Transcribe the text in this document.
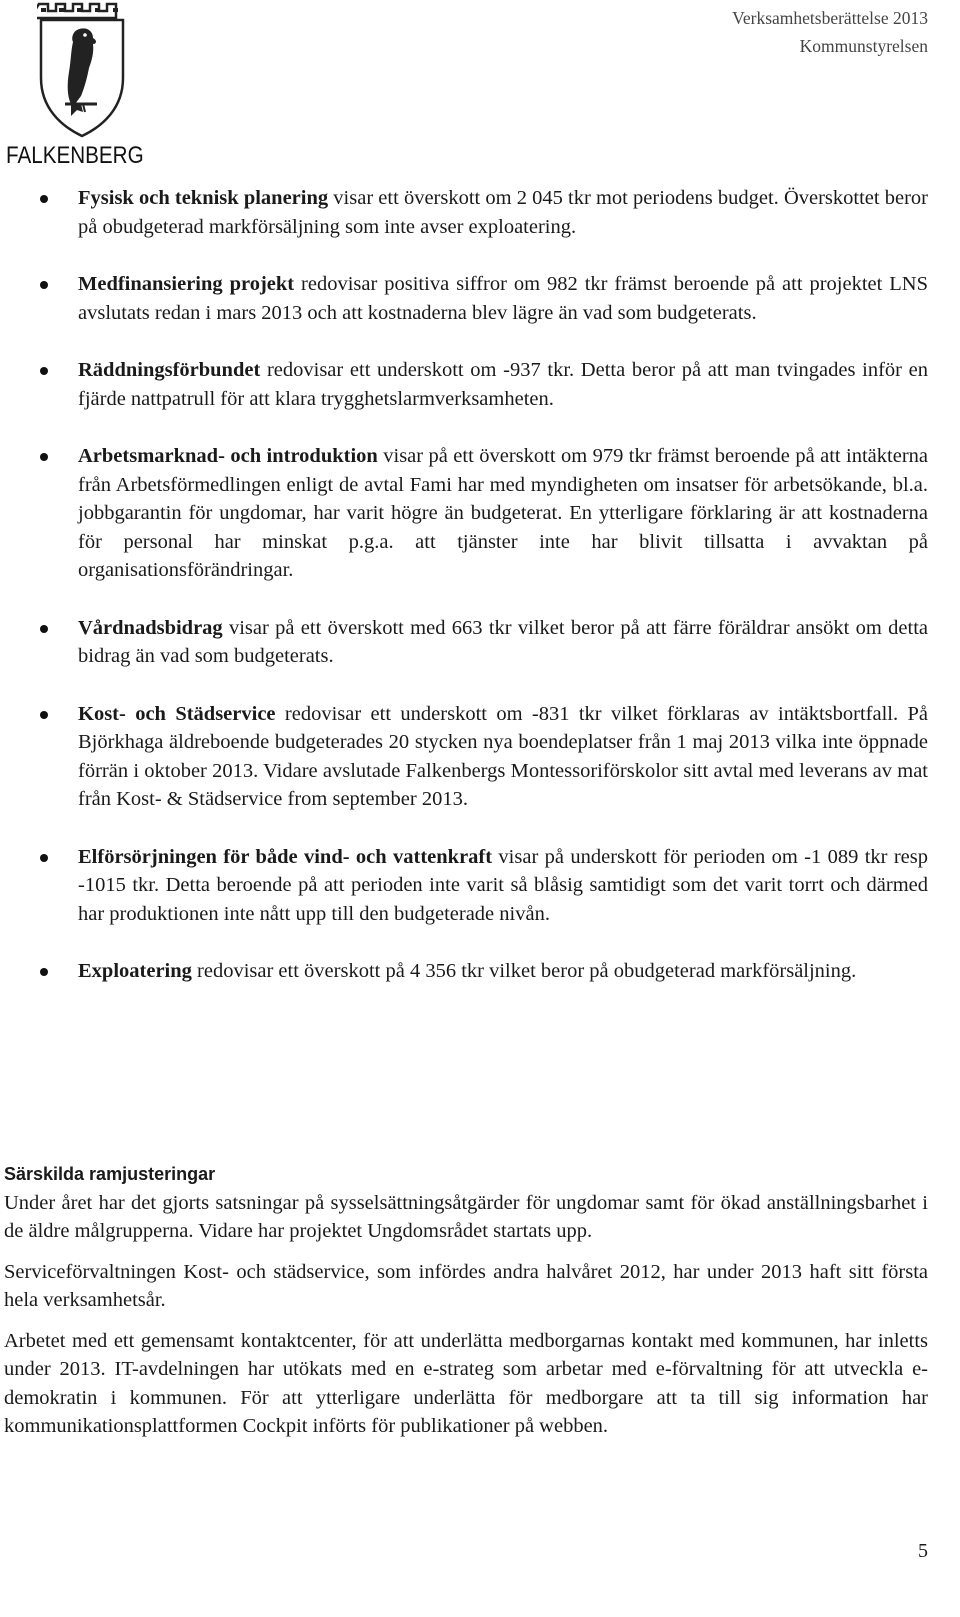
FALKENBERG
Verksamhetsberättelse 2013
Kommunstyrelsen
Fysisk och teknisk planering visar ett överskott om 2 045 tkr mot periodens budget. Överskottet beror på obudgeterad markförsäljning som inte avser exploatering.
Medfinansiering projekt redovisar positiva siffror om 982 tkr främst beroende på att projektet LNS avslutats redan i mars 2013 och att kostnaderna blev lägre än vad som budgeterats.
Räddningsförbundet redovisar ett underskott om -937 tkr. Detta beror på att man tvingades inför en fjärde nattpatrull för att klara trygghetslarmverksamheten.
Arbetsmarknad- och introduktion visar på ett överskott om 979 tkr främst beroende på att intäkterna från Arbetsförmedlingen enligt de avtal Fami har med myndigheten om insatser för arbetsökande, bl.a. jobbgarantin för ungdomar, har varit högre än budgeterat. En ytterligare förklaring är att kostnaderna för personal har minskat p.g.a. att tjänster inte har blivit tillsatta i avvaktan på organisationsförändringar.
Vårdnadsbidrag visar på ett överskott med 663 tkr vilket beror på att färre föräldrar ansökt om detta bidrag än vad som budgeterats.
Kost- och Städservice redovisar ett underskott om -831 tkr vilket förklaras av intäktsbortfall. På Björkhaga äldreboende budgeterades 20 stycken nya boendeplatser från 1 maj 2013 vilka inte öppnade förrän i oktober 2013. Vidare avslutade Falkenbergs Montessoriförskolor sitt avtal med leverans av mat från Kost- & Städservice from september 2013.
Elförsörjningen för både vind- och vattenkraft visar på underskott för perioden om -1 089 tkr resp -1015 tkr. Detta beroende på att perioden inte varit så blåsig samtidigt som det varit torrt och därmed har produktionen inte nått upp till den budgeterade nivån.
Exploatering redovisar ett överskott på 4 356 tkr vilket beror på obudgeterad markförsäljning.
Särskilda ramjusteringar

Under året har det gjorts satsningar på sysselsättningsåtgärder för ungdomar samt för ökad anställningsbarhet i de äldre målgrupperna. Vidare har projektet Ungdomsrådet startats upp.

Serviceförvaltningen Kost- och städservice, som infördes andra halvåret 2012, har under 2013 haft sitt första hela verksamhetsår.

Arbetet med ett gemensamt kontaktcenter, för att underlätta medborgarnas kontakt med kommunen, har inletts under 2013. IT-avdelningen har utökats med en e-strateg som arbetar med e-förvaltning för att utveckla e-demokratin i kommunen. För att ytterligare underlätta för medborgare att ta till sig information har kommunikationsplattformen Cockpit införts för publikationer på webben.

5
